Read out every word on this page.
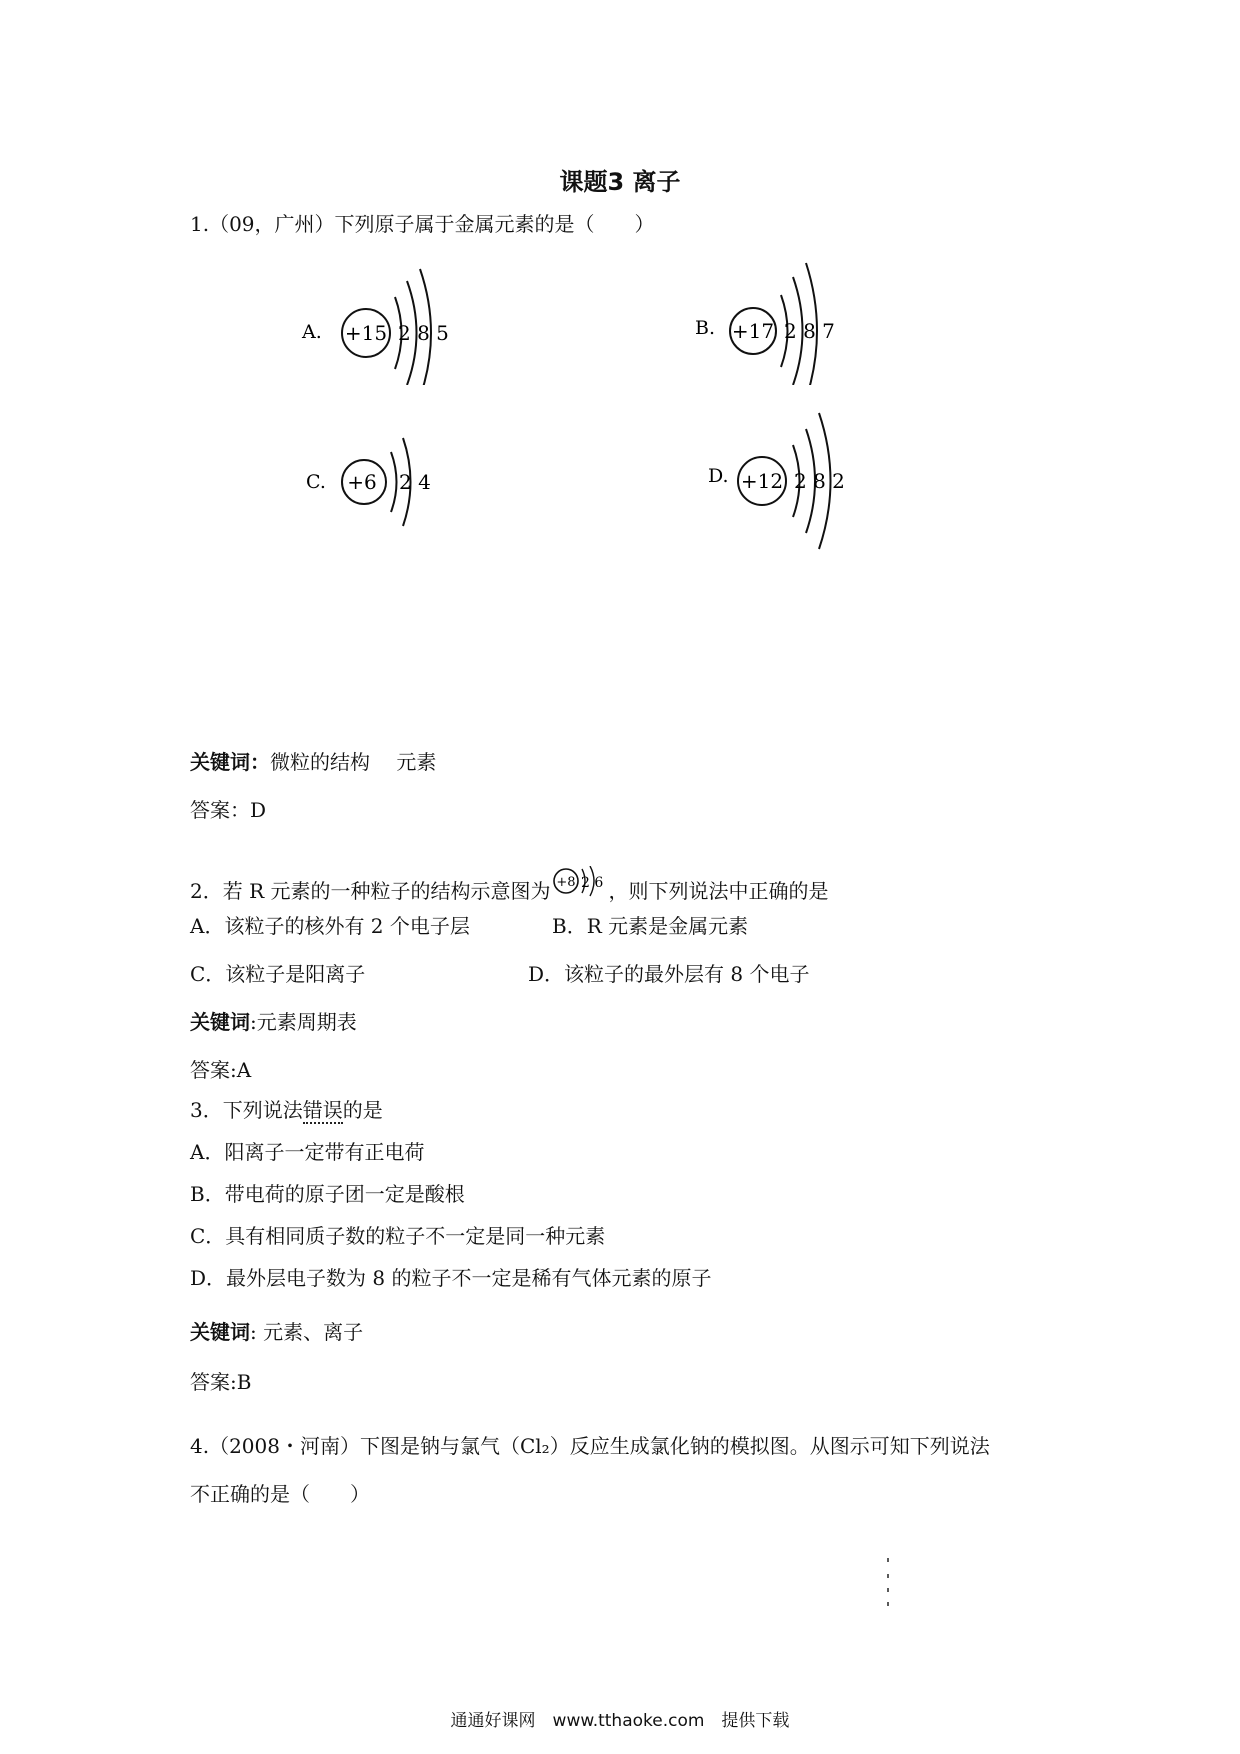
课题3 离子
1.（09，广州）下列原子属于金属元素的是（　　）
A. +15 2 8 5	B. +17 2 8 7
C. +6 2 4	D. +12 2 8 2
关键词：微粒的结构　 元素
答案：D
2．若 R 元素的一种粒子的结构示意图为 +8 2 6 ，则下列说法中正确的是
A．该粒子的核外有 2 个电子层	B．R 元素是金属元素
C．该粒子是阳离子	D．该粒子的最外层有 8 个电子
关键词:元素周期表
答案:A
3．下列说法错误的是
A．阳离子一定带有正电荷
B．带电荷的原子团一定是酸根
C．具有相同质子数的粒子不一定是同一种元素
D．最外层电子数为 8 的粒子不一定是稀有气体元素的原子
关键词: 元素、离子
答案:B
4.（2008・河南）下图是钠与氯气（Cl₂）反应生成氯化钠的模拟图。从图示可知下列说法
不正确的是（　　）
通通好课网　www.tthaoke.com　提供下载
